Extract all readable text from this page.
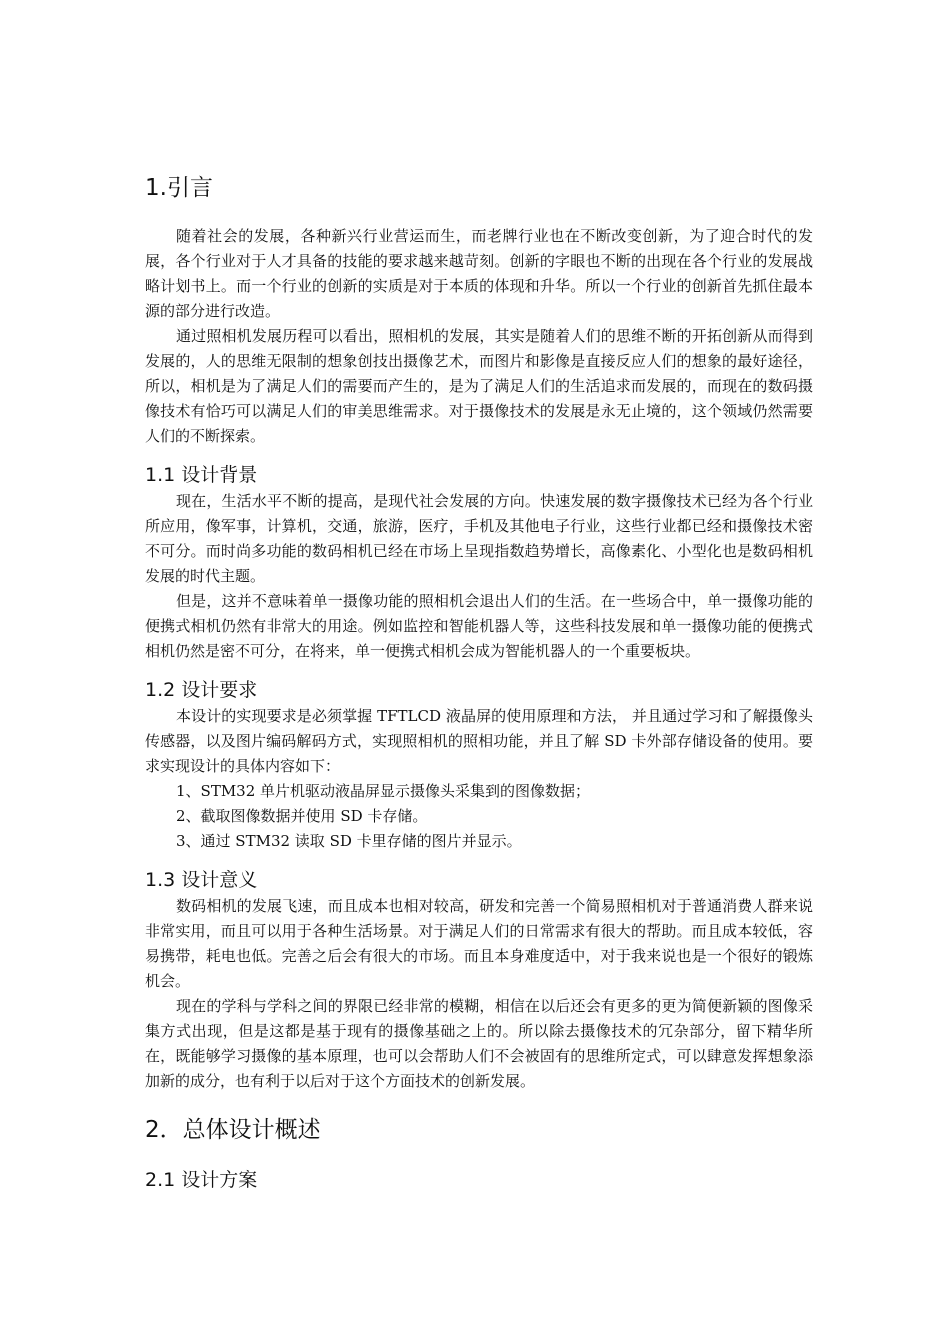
1.引言

随着社会的发展，各种新兴行业营运而生，而老牌行业也在不断改变创新，为了迎合时代的发展，各个行业对于人才具备的技能的要求越来越苛刻。创新的字眼也不断的出现在各个行业的发展战略计划书上。而一个行业的创新的实质是对于本质的体现和升华。所以一个行业的创新首先抓住最本源的部分进行改造。

通过照相机发展历程可以看出，照相机的发展，其实是随着人们的思维不断的开拓创新从而得到发展的，人的思维无限制的想象创技出摄像艺术，而图片和影像是直接反应人们的想象的最好途径，所以，相机是为了满足人们的需要而产生的，是为了满足人们的生活追求而发展的，而现在的数码摄像技术有恰巧可以满足人们的审美思维需求。对于摄像技术的发展是永无止境的，这个领域仍然需要人们的不断探索。

1.1 设计背景

现在，生活水平不断的提高，是现代社会发展的方向。快速发展的数字摄像技术已经为各个行业所应用，像军事，计算机，交通，旅游，医疗，手机及其他电子行业，这些行业都已经和摄像技术密不可分。而时尚多功能的数码相机已经在市场上呈现指数趋势增长，高像素化、小型化也是数码相机发展的时代主题。

但是，这并不意味着单一摄像功能的照相机会退出人们的生活。在一些场合中，单一摄像功能的便携式相机仍然有非常大的用途。例如监控和智能机器人等，这些科技发展和单一摄像功能的便携式相机仍然是密不可分，在将来，单一便携式相机会成为智能机器人的一个重要板块。

1.2 设计要求

本设计的实现要求是必须掌握 TFTLCD 液晶屏的使用原理和方法， 并且通过学习和了解摄像头传感器，以及图片编码解码方式，实现照相机的照相功能，并且了解 SD 卡外部存储设备的使用。要求实现设计的具体内容如下：

1、STM32 单片机驱动液晶屏显示摄像头采集到的图像数据；

2、截取图像数据并使用 SD 卡存储。

3、通过 STM32 读取 SD 卡里存储的图片并显示。

1.3 设计意义

数码相机的发展飞速，而且成本也相对较高，研发和完善一个简易照相机对于普通消费人群来说非常实用，而且可以用于各种生活场景。对于满足人们的日常需求有很大的帮助。而且成本较低，容易携带，耗电也低。完善之后会有很大的市场。而且本身难度适中，对于我来说也是一个很好的锻炼机会。

现在的学科与学科之间的界限已经非常的模糊，相信在以后还会有更多的更为简便新颖的图像采集方式出现，但是这都是基于现有的摄像基础之上的。所以除去摄像技术的冗杂部分，留下精华所在，既能够学习摄像的基本原理，也可以会帮助人们不会被固有的思维所定式，可以肆意发挥想象添加新的成分，也有利于以后对于这个方面技术的创新发展。

2．总体设计概述
2.1 设计方案
